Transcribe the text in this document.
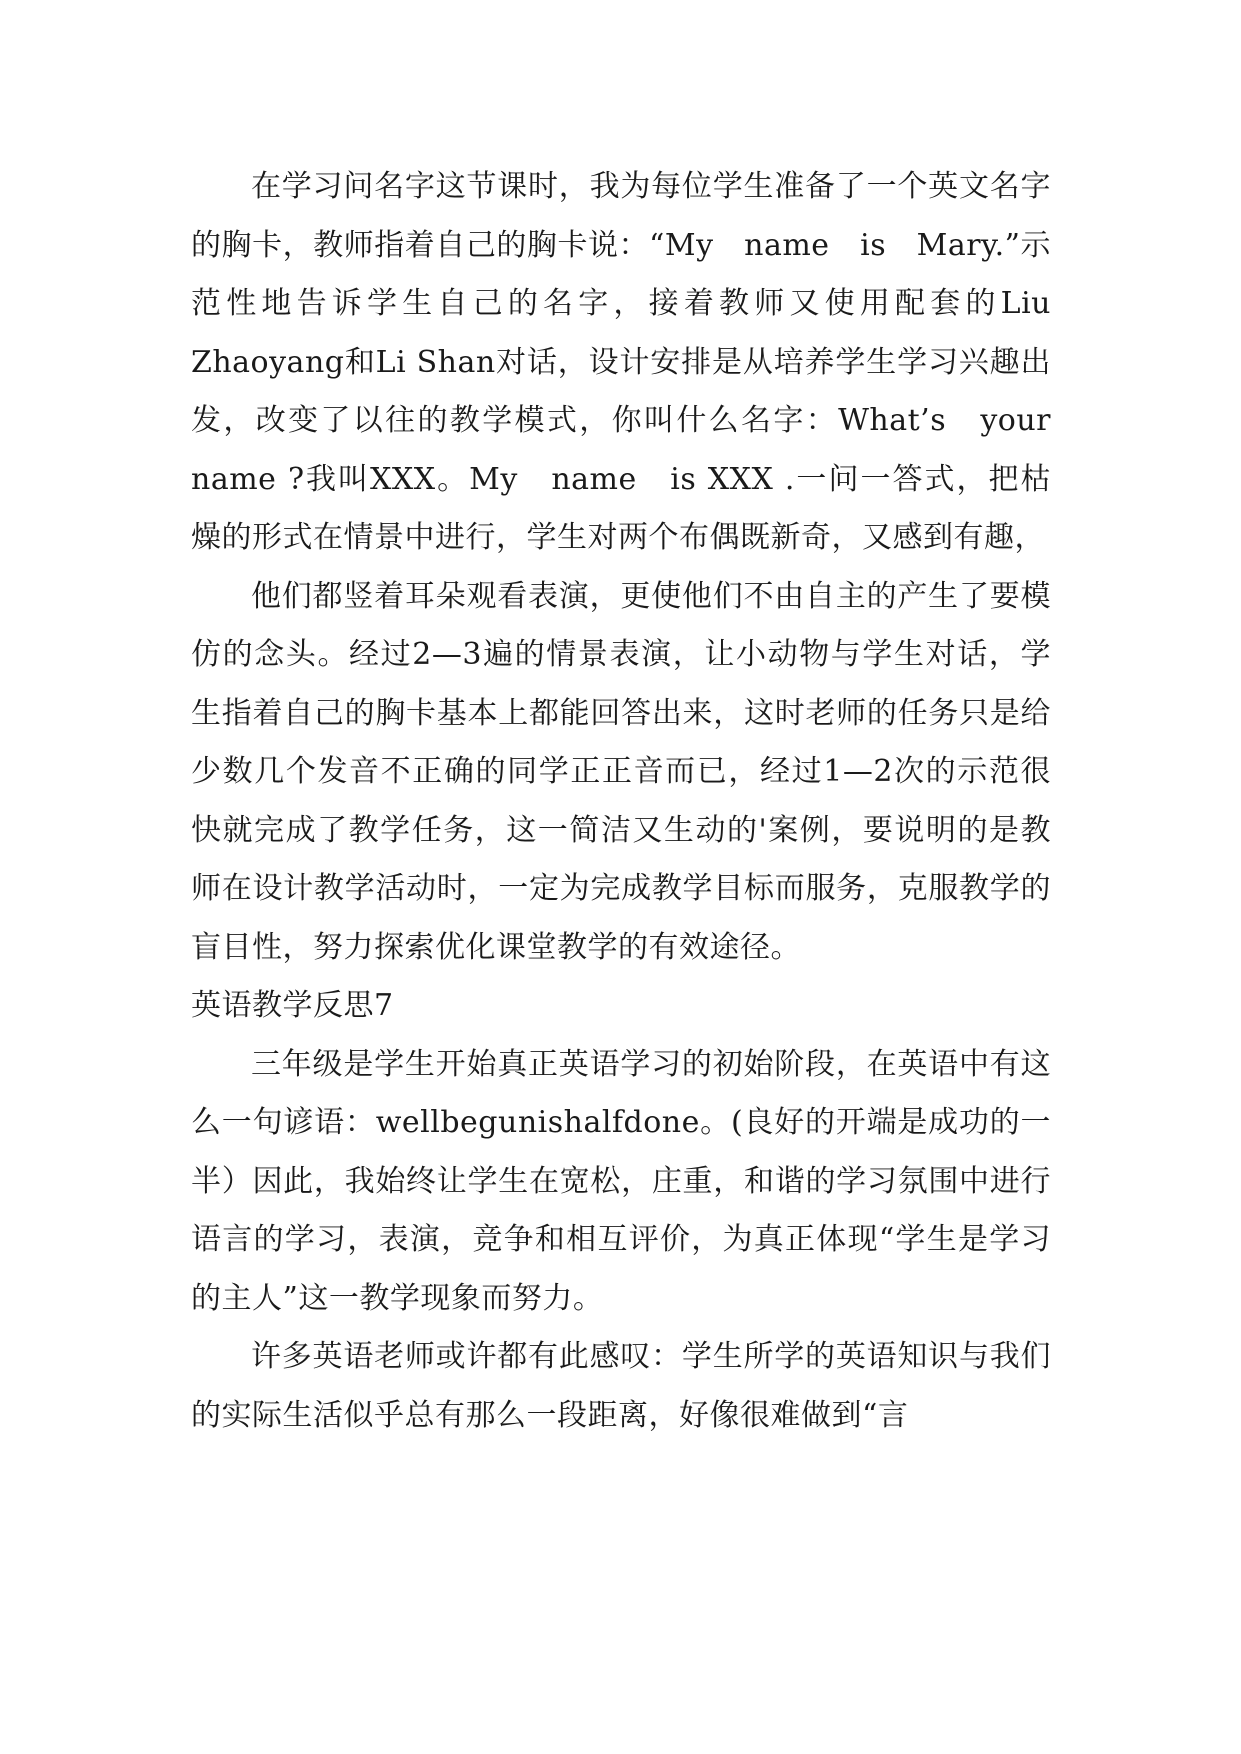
在学习问名字这节课时，我为每位学生准备了一个英文名字的胸卡，教师指着自己的胸卡说：“My　name　is　Mary.”示范性地告诉学生自己的名字，接着教师又使用配套的Liu Zhaoyang和Li Shan对话，设计安排是从培养学生学习兴趣出发，改变了以往的教学模式，你叫什么名字：What’s　your　name ?我叫XXX。My　name　is XXX .一问一答式，把枯燥的形式在情景中进行，学生对两个布偶既新奇，又感到有趣，

他们都竖着耳朵观看表演，更使他们不由自主的产生了要模仿的念头。经过2—3遍的情景表演，让小动物与学生对话，学生指着自己的胸卡基本上都能回答出来，这时老师的任务只是给少数几个发音不正确的同学正正音而已，经过1—2次的示范很快就完成了教学任务，这一简洁又生动的'案例，要说明的是教师在设计教学活动时，一定为完成教学目标而服务，克服教学的盲目性，努力探索优化课堂教学的有效途径。

英语教学反思7

三年级是学生开始真正英语学习的初始阶段，在英语中有这么一句谚语：wellbegunishalfdone。(良好的开端是成功的一半）因此，我始终让学生在宽松，庄重，和谐的学习氛围中进行语言的学习，表演，竞争和相互评价，为真正体现“学生是学习的主人”这一教学现象而努力。

许多英语老师或许都有此感叹：学生所学的英语知识与我们的实际生活似乎总有那么一段距离，好像很难做到“言
